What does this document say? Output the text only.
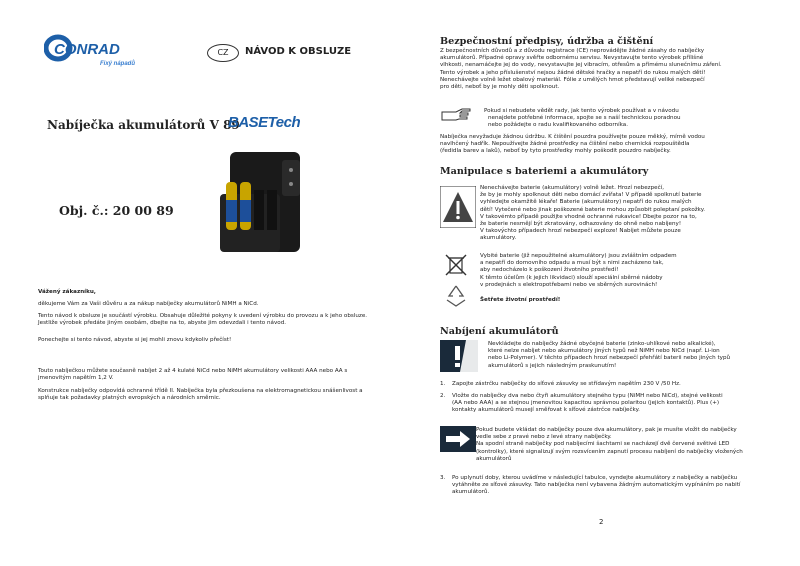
CONRAD
Fixý nápadů
CZ	NÁVOD K OBSLUZE
Nabíječka akumulátorů V 89
BASETech
Obj. č.: 20 00 89
Vážený zákazníku,
děkujeme Vám za Vaši důvěru a za nákup nabíječky akumulátorů NiMH a NiCd.
Tento návod k obsluze je součástí výrobku. Obsahuje důležité pokyny k uvedení výrobku do provozu a k jeho obsluze. Jestliže výrobek předáte jiným osobám, dbejte na to, abyste jim odevzdali i tento návod.
Ponechejte si tento návod, abyste si jej mohli znovu kdykoliv přečíst!
Touto nabíječkou můžete současně nabíjet 2 až 4 kulaté NiCd nebo NiMH akumulátory velikosti AAA nebo AA s jmenovitým napětím 1,2 V.
Konstrukce nabíječky odpovídá ochranné třídě II. Nabíječka byla přezkoušena na elektromagnetickou snášenlivost a splňuje tak požadavky platných evropských a národních směrnic.
Bezpečnostní předpisy, údržba a čištění
Z bezpečnostních důvodů a z důvodu registrace (CE) neprovádějte žádné zásahy do nabíječky
akumulátorů. Případné opravy svěřte odbornému servisu. Nevystavujte tento výrobek přílišné
vlhkosti, nenamáčejte jej do vody, nevystavujte jej vibracím, otřesům a přímému slunečnímu záření.
Tento výrobek a jeho příslušenství nejsou žádné dětské hračky a nepatří do rukou malých dětí!
Nenechávejte volně ležet obalový materiál. Fólie z umělých hmot představují veliké nebezpečí
pro děti, neboť by je mohly děti spolknout.
Pokud si nebudete vědět rady, jak tento výrobek používat a v návodu
nenajdete potřebné informace, spojte se s naší technickou poradnou
nebo požádejte o radu kvalifikovaného odborníka.
Nabíječka nevyžaduje žádnou údržbu. K čištění pouzdra používejte pouze měkký, mírně vodou
navlhčený hadřík. Nepoužívejte žádné prostředky na čištění nebo chemická rozpouštědla
(ředidla barev a laků), neboť by tyto prostředky mohly poškodit pouzdro nabíječky.
Manipulace s bateriemi a akumulátory
Nenechávejte baterie (akumulátory) volně ležet. Hrozí nebezpečí,
že by je mohly spolknout děti nebo domácí zvířata! V případě spolknutí baterie
vyhledejte okamžitě lékaře! Baterie (akumulátory) nepatří do rukou malých
dětí! Vytečené nebo jinak poškozené baterie mohou způsobit poleptaní pokožky.
V takovémto případě použijte vhodné ochranné rukavice! Dbejte pozor na to,
že baterie nesmějí být zkratovány, odhazovány do ohně nebo nabíjeny!
V takovýchto případech hrozí nebezpečí exploze! Nabíjet můžete pouze
akumulátory.
Vybité baterie (již nepoužitelné akumulátory) jsou zvláštním odpadem
a nepatří do domovního odpadu a musí být s nimi zacházeno tak,
aby nedocházelo k poškození životního prostředí!
K těmto účelům (k jejich likvidaci) slouží speciální sběrné nádoby
v prodejnách s elektropotřebami nebo ve sběrných surovinách!
Šetřete životní prostředí!
Nabíjení akumulátorů
Nevkládejte do nabíječky žádné obyčejné baterie (zinko-uhlíkové nebo alkalické),
které nelze nabíjet nebo akumulátory jiných typů než NiMH nebo NiCd (např. Li-ion
nebo Li-Polymer). V těchto případech hrozí nebezpečí přehřátí baterii nebo jiných typů
akumulátorů s jejich následným praskunutím!
1. Zapojte zástrčku nabíječky do síťové zásuvky se střídavým napětím 230 V /50 Hz.
2. Vložte do nabíječky dva nebo čtyři akumulátory stejného typu (NiMH nebo NiCd), stejné velikosti
(AA nebo AAA) a se stejnou jmenovitou kapacitou správnou polaritou (jejich kontaktů). Plus (+)
kontakty akumulátorů musejí směřovat k síťové zástrčce nabíječky.
Pokud budete vkládat do nabíječky pouze dva akumulátory, pak je musíte vložit do nabíječky
vedle sebe z pravé nebo z levé strany nabíječky.
Na spodní straně nabíječky pod nabíjecími šachtami se nacházejí dvě červené světivé LED
(kontrolky), které signalizují svým rozsvícením zapnutí procesu nabíjení do nabíječky vložených
akumulátorů
3. Po uplynutí doby, kterou uvádíme v následující tabulce, vyndejte akumulátory z nabíječky a nabíječku
vytáhněte ze síťové zásuvky. Tato nabíječka není vybavena žádným automatickým vypínáním po nabití
akumulátorů.
2
